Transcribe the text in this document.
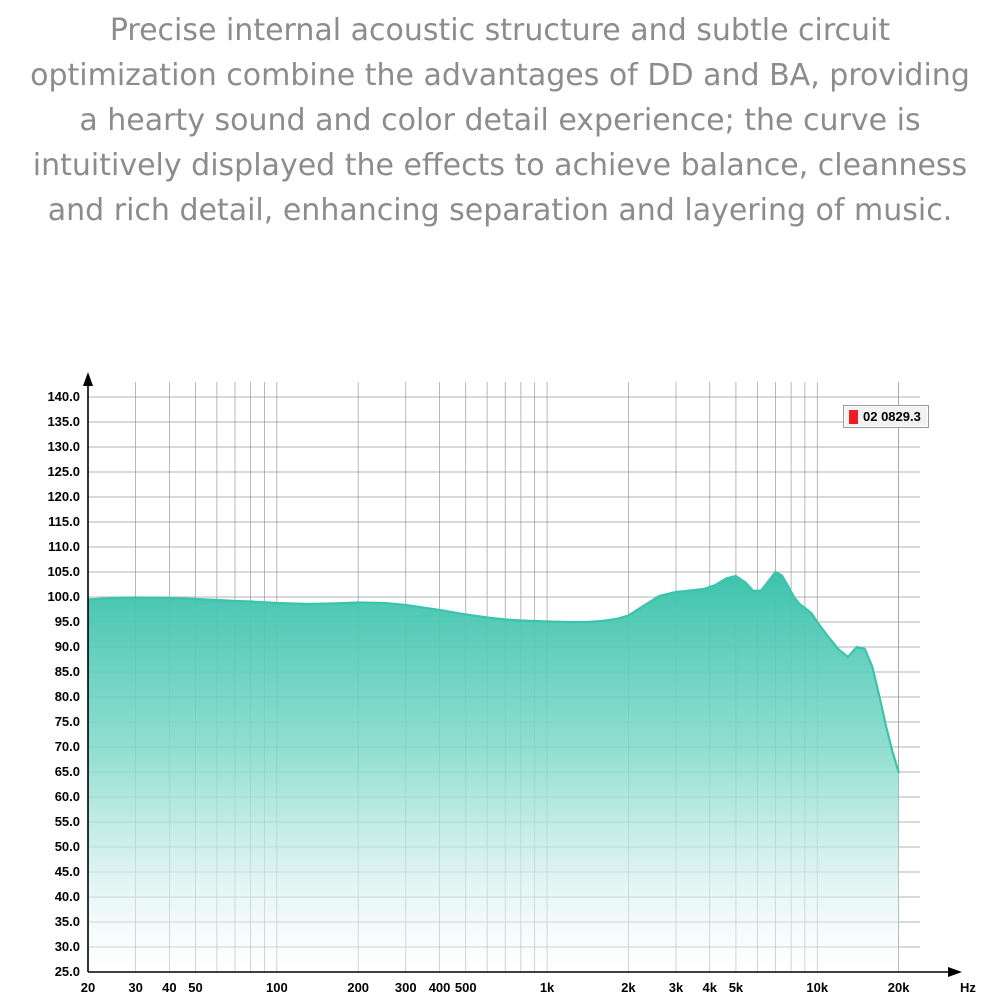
Precise internal acoustic structure and subtle circuit optimization combine the advantages of DD and BA, providing a hearty sound and color detail experience; the curve is intuitively displayed the effects to achieve balance, cleanness and rich detail, enhancing separation and layering of music.
25.0
30.0
35.0
40.0
45.0
50.0
55.0
60.0
65.0
70.0
75.0
80.0
85.0
90.0
95.0
100.0
105.0
110.0
115.0
120.0
125.0
130.0
135.0
140.0
20	30 40 50	100	200 300 400 500	1k	2k	3k 4k 5k	10k	20k	Hz
02 0829.3
